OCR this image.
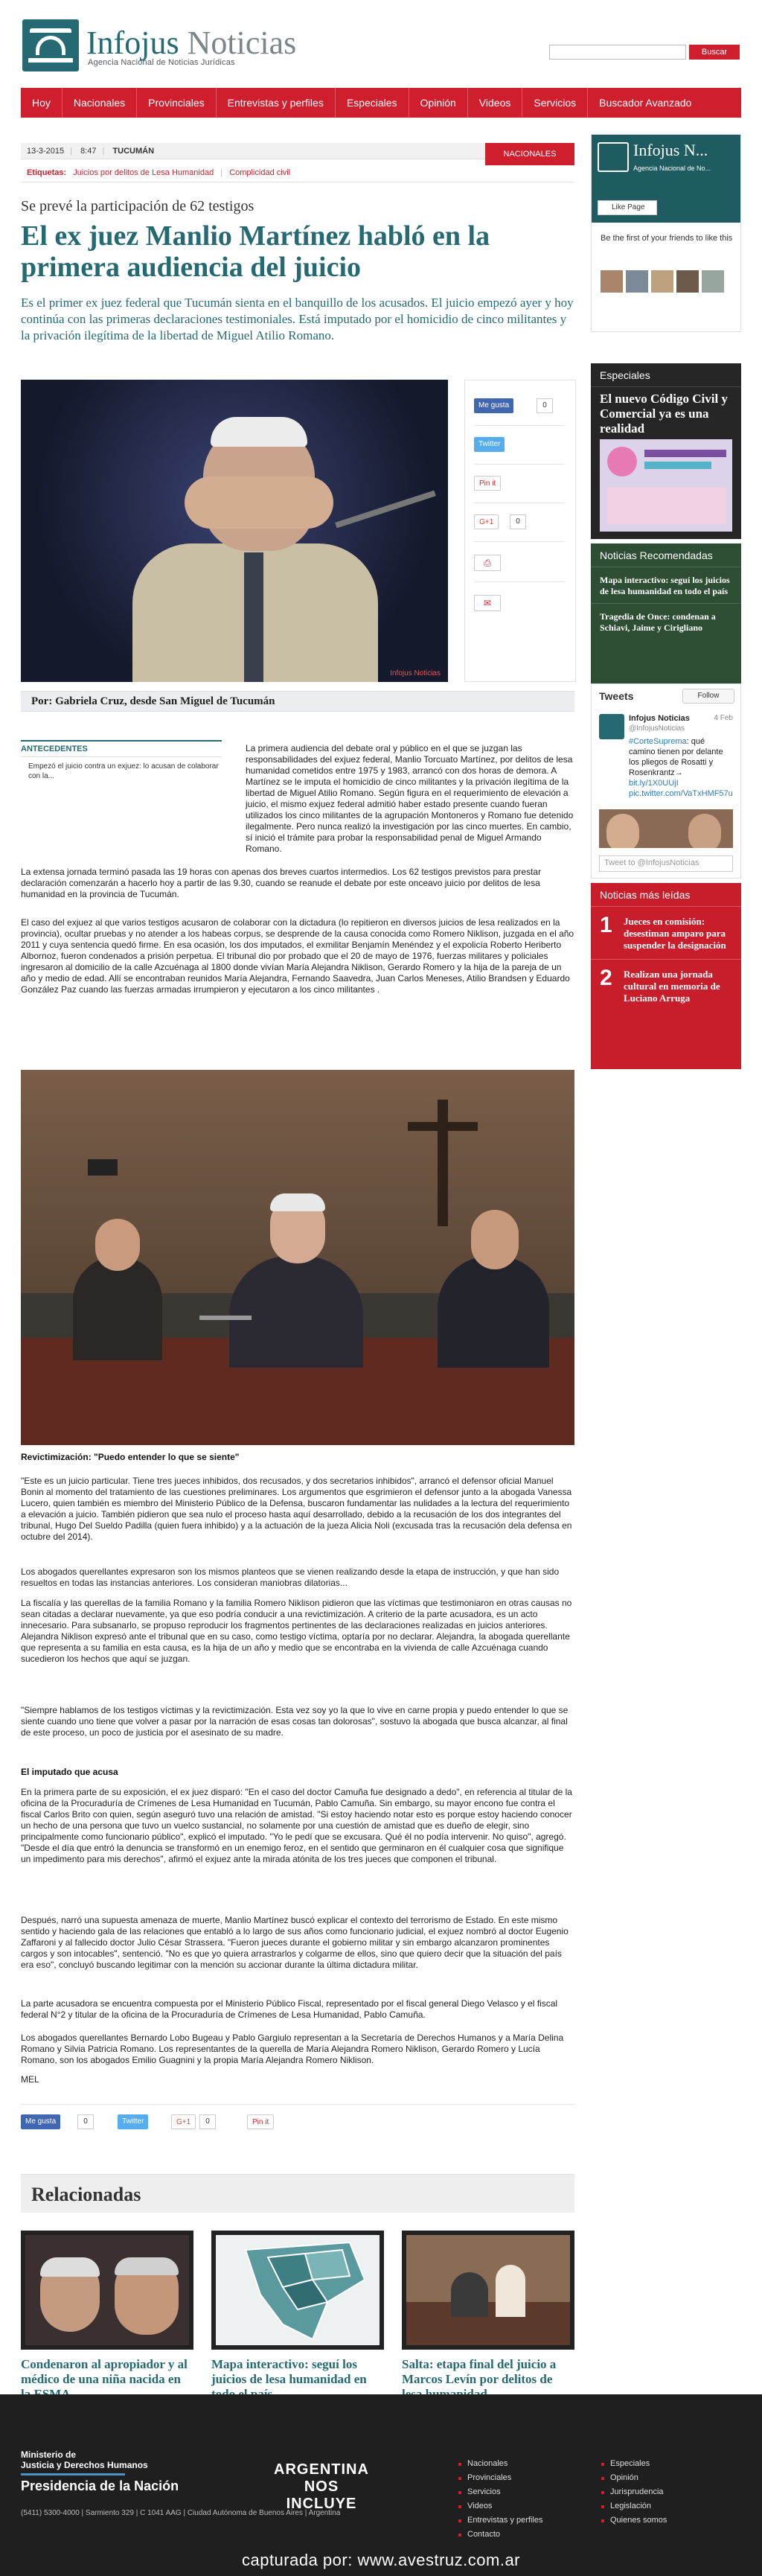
Infojus Noticias
Agencia Nacional de Noticias Jurídicas
Buscar
Hoy	Nacionales	Provinciales	Entrevistas y perfiles	Especiales	Opinión	Videos	Servicios	Buscador Avanzado
13-3-2015 | 8:47 | TUCUMÁN	NACIONALES
Etiquetas: Juicios por delitos de Lesa Humanidad | Complicidad civil
Se prevé la participación de 62 testigos
El ex juez Manlio Martínez habló en la primera audiencia del juicio
Es el primer ex juez federal que Tucumán sienta en el banquillo de los acusados. El juicio empezó ayer y hoy continúa con las primeras declaraciones testimoniales. Está imputado por el homicidio de cinco militantes y la privación ilegítima de la libertad de Miguel Atilio Romano.
Infojus Noticias
Me gusta	0
Twitter
Pin it
G+1	0
⎙
✉
Por: Gabriela Cruz, desde San Miguel de Tucumán
ANTECEDENTES
Empezó el juicio contra un exjuez: lo acusan de colaborar con la...
La primera audiencia del debate oral y público en el que se juzgan las responsabilidades del exjuez federal, Manlio Torcuato Martínez, por delitos de lesa humanidad cometidos entre 1975 y 1983, arrancó con dos horas de demora. A Martínez se le imputa el homicidio de cinco militantes y la privación ilegítima de la libertad de Miguel Atilio Romano. Según figura en el requerimiento de elevación a juicio, el mismo exjuez federal admitió haber estado presente cuando fueran utilizados los cinco militantes de la agrupación Montoneros y Romano fue detenido ilegalmente. Pero nunca realizó la investigación por las cinco muertes. En cambio, sí inició el trámite para probar la responsabilidad penal de Miguel Armando Romano.
La extensa jornada terminó pasada las 19 horas con apenas dos breves cuartos intermedios. Los 62 testigos previstos para prestar declaración comenzarán a hacerlo hoy a partir de las 9.30, cuando se reanude el debate por este onceavo juicio por delitos de lesa humanidad en la provincia de Tucumán.
El caso del exjuez al que varios testigos acusaron de colaborar con la dictadura (lo repitieron en diversos juicios de lesa realizados en la provincia), ocultar pruebas y no atender a los habeas corpus, se desprende de la causa conocida como Romero Niklison, juzgada en el año 2011 y cuya sentencia quedó firme. En esa ocasión, los dos imputados, el exmilitar Benjamín Menéndez y el expolicía Roberto Heriberto Albornoz, fueron condenados a prisión perpetua. El tribunal dio por probado que el 20 de mayo de 1976, fuerzas militares y policiales ingresaron al domicilio de la calle Azcuénaga al 1800 donde vivían María Alejandra Niklison, Gerardo Romero y la hija de la pareja de un año y medio de edad. Allí se encontraban reunidos María Alejandra, Fernando Saavedra, Juan Carlos Meneses, Atilio Brandsen y Eduardo González Paz cuando las fuerzas armadas irrumpieron y ejecutaron a los cinco militantes .
Revictimización: "Puedo entender lo que se siente"
"Este es un juicio particular. Tiene tres jueces inhibidos, dos recusados, y dos secretarios inhibidos", arrancó el defensor oficial Manuel Bonin al momento del tratamiento de las cuestiones preliminares. Los argumentos que esgrimieron el defensor junto a la abogada Vanessa Lucero, quien también es miembro del Ministerio Público de la Defensa, buscaron fundamentar las nulidades a la lectura del requerimiento a elevación a juicio. También pidieron que sea nulo el proceso hasta aquí desarrollado, debido a la recusación de los dos integrantes del tribunal, Hugo Del Sueldo Padilla (quien fuera inhibido) y a la actuación de la jueza Alicia Noli (excusada tras la recusación delа defensa en octubre del 2014).
Los abogados querellantes expresaron son los mismos planteos que se vienen realizando desde la etapa de instrucción, y que han sido resueltos en todas las instancias anteriores. Los consideran maniobras dilatorias...
La fiscalía y las querellas de la familia Romano y la familia Romero Niklison pidieron que las víctimas que testimoniaron en otras causas no sean citadas a declarar nuevamente, ya que eso podría conducir a una revictimización. A criterio de la parte acusadora, es un acto innecesario. Para subsanarlo, se propuso reproducir los fragmentos pertinentes de las declaraciones realizadas en juicios anteriores. Alejandra Niklison expresó ante el tribunal que en su caso, como testigo víctima, optaría por no declarar. Alejandra, la abogada querellante que representa a su familia en esta causa, es la hija de un año y medio que se encontraba en la vivienda de calle Azcuénaga cuando sucedieron los hechos que aquí se juzgan.
"Siempre hablamos de los testigos víctimas y la revictimización. Esta vez soy yo la que lo vive en carne propia y puedo entender lo que se siente cuando uno tiene que volver a pasar por la narración de esas cosas tan dolorosas", sostuvo la abogada que busca alcanzar, al final de este proceso, un poco de justicia por el asesinato de su madre.
El imputado que acusa
En la primera parte de su exposición, el ex juez disparó: "En el caso del doctor Camuña fue designado a dedo", en referencia al titular de la oficina de la Procuraduría de Crímenes de Lesa Humanidad en Tucumán, Pablo Camuña. Sin embargo, su mayor encono fue contra el fiscal Carlos Brito con quien, según aseguró tuvo una relación de amistad. "Si estoy haciendo notar esto es porque estoy haciendo conocer un hecho de una persona que tuvo un vuelco sustancial, no solamente por una cuestión de amistad que es dueño de elegir, sino principalmente como funcionario público", explicó el imputado. "Yo le pedí que se excusara. Qué él no podía intervenir. No quiso", agregó. "Desde el día que entró la denuncia se transformó en un enemigo feroz, en el sentido que germinaron en él cualquier cosa que signifique un impedimento para mis derechos", afirmó el exjuez ante la mirada atónita de los tres jueces que componen el tribunal.
Después, narró una supuesta amenaza de muerte, Manlio Martínez buscó explicar el contexto del terrorismo de Estado. En este mismo sentido y haciendo gala de las relaciones que entabló a lo largo de sus años como funcionario judicial, el exjuez nombró al doctor Eugenio Zaffaroni y al fallecido doctor Julio César Strassera. "Fueron jueces durante el gobierno militar y sin embargo alcanzaron prominentes cargos y son intocables", sentenció. "No es que yo quiera arrastrarlos y colgarme de ellos, sino que quiero decir que la situación del país era eso", concluyó buscando legitimar con la mención su accionar durante la última dictadura militar.
La parte acusadora se encuentra compuesta por el Ministerio Público Fiscal, representado por el fiscal general Diego Velasco y el fiscal federal N°2 y titular de la oficina de la Procuraduría de Crímenes de Lesa Humanidad, Pablo Camuña.
Los abogados querellantes Bernardo Lobo Bugeau y Pablo Gargiulo representan a la Secretaría de Derechos Humanos y a María Delina Romano y Silvia Patricia Romano. Los representantes de la querella de María Alejandra Romero Niklison, Gerardo Romero y Lucía Romano, son los abogados Emilio Guagnini y la propia María Alejandra Romero Niklison.
MEL
Me gusta	0	Twitter	G+1	0	Pin it
Relacionadas
Condenaron al apropiador y al médico de una niña nacida en
Mapa interactivo: seguí los juicios de lesa humanidad en
Salta: etapa final del juicio a Marcos Levín por delitos de
Infojus N...
Agencia Nacional de No...
Like Page
Be the first of your friends to like this
Especiales
El nuevo Código Civil y Comercial ya es una realidad
Noticias Recomendadas
Mapa interactivo: seguí los juicios de lesa humanidad en todo el país
Tragedia de Once: condenan a Schiavi, Jaime y Cirigliano
Tweets	Follow
Infojus Noticias
@InfojusNoticias
4 Feb
#CorteSuprema: qué camino tienen por delante los pliegos de Rosatti y Rosenkrantz→ bit.ly/1X0UUjI pic.twitter.com/VaTxHMF57u
Tweet to @InfojusNoticias
Noticias más leídas
1 Jueces en comisión: desestiman amparo para suspender la designación
2 Realizan una jornada cultural en memoria de Luciano Arruga
Ministerio de
Justicia y Derechos Humanos
Presidencia de la Nación
ARGENTINA
NOS INCLUYE
(5411) 5300-4000 | Sarmiento 329 | C 1041 AAG | Ciudad Autónoma de Buenos Aires | Argentina
Nacionales
Provinciales
Servicios
Videos
Entrevistas y perfiles
Contacto
Especiales
Opinión
Jurisprudencia
Legislación
Quienes somos
capturada por: www.avestruz.com.ar
